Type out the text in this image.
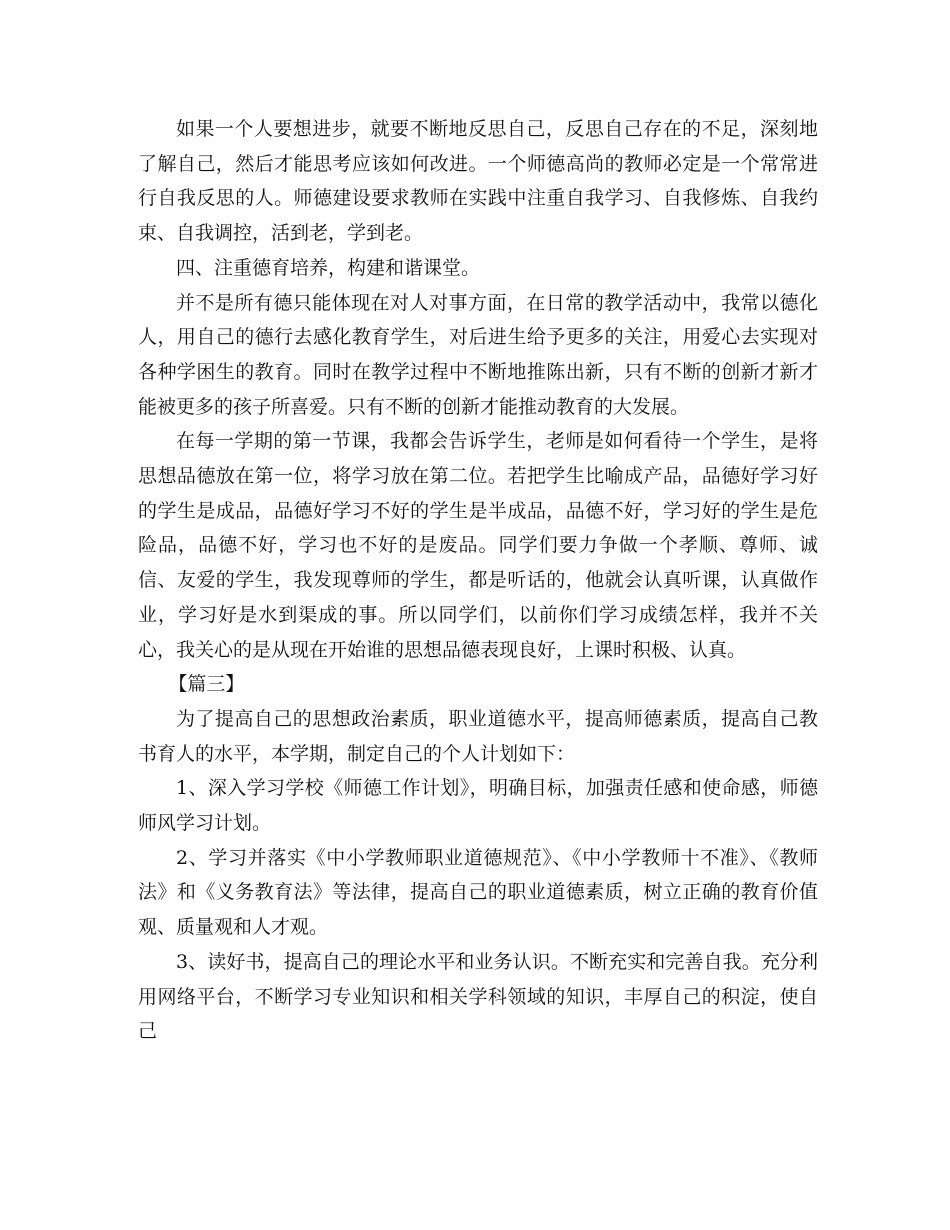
如果一个人要想进步，就要不断地反思自己，反思自己存在的不足，深刻地了解自己，然后才能思考应该如何改进。一个师德高尚的教师必定是一个常常进行自我反思的人。师德建设要求教师在实践中注重自我学习、自我修炼、自我约束、自我调控，活到老，学到老。

四、注重德育培养，构建和谐课堂。

并不是所有德只能体现在对人对事方面，在日常的教学活动中，我常以德化人，用自己的德行去感化教育学生，对后进生给予更多的关注，用爱心去实现对各种学困生的教育。同时在教学过程中不断地推陈出新，只有不断的创新才新才能被更多的孩子所喜爱。只有不断的创新才能推动教育的大发展。

在每一学期的第一节课，我都会告诉学生，老师是如何看待一个学生，是将思想品德放在第一位，将学习放在第二位。若把学生比喻成产品，品德好学习好的学生是成品，品德好学习不好的学生是半成品，品德不好，学习好的学生是危险品，品德不好，学习也不好的是废品。同学们要力争做一个孝顺、尊师、诚信、友爱的学生，我发现尊师的学生，都是听话的，他就会认真听课，认真做作业，学习好是水到渠成的事。所以同学们，以前你们学习成绩怎样，我并不关心，我关心的是从现在开始谁的思想品德表现良好，上课时积极、认真。

【篇三】

为了提高自己的思想政治素质，职业道德水平，提高师德素质，提高自己教书育人的水平，本学期，制定自己的个人计划如下：

1、深入学习学校《师德工作计划》，明确目标，加强责任感和使命感，师德师风学习计划。

2、学习并落实《中小学教师职业道德规范》、《中小学教师十不准》、《教师法》和《义务教育法》等法律，提高自己的职业道德素质，树立正确的教育价值观、质量观和人才观。

3、读好书，提高自己的理论水平和业务认识。不断充实和完善自我。充分利用网络平台，不断学习专业知识和相关学科领域的知识，丰厚自己的积淀，使自己
